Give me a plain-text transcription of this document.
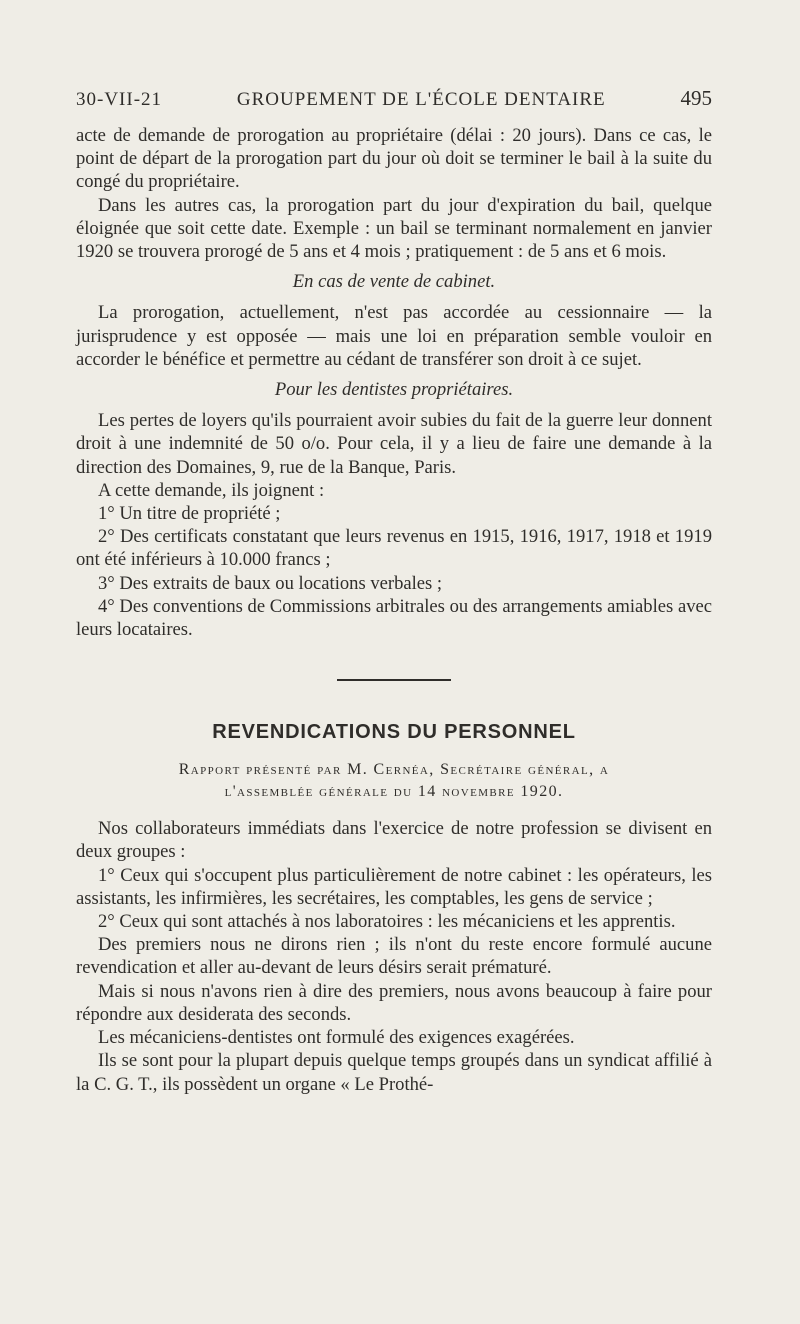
30-VII-21	GROUPEMENT DE L'ÉCOLE DENTAIRE	495

acte de demande de prorogation au propriétaire (délai : 20 jours). Dans ce cas, le point de départ de la prorogation part du jour où doit se terminer le bail à la suite du congé du propriétaire.

Dans les autres cas, la prorogation part du jour d'expiration du bail, quelque éloignée que soit cette date. Exemple : un bail se terminant normalement en janvier 1920 se trouvera prorogé de 5 ans et 4 mois ; pratiquement : de 5 ans et 6 mois.

En cas de vente de cabinet.

La prorogation, actuellement, n'est pas accordée au cessionnaire — la jurisprudence y est opposée — mais une loi en préparation semble vouloir en accorder le bénéfice et permettre au cédant de transférer son droit à ce sujet.

Pour les dentistes propriétaires.

Les pertes de loyers qu'ils pourraient avoir subies du fait de la guerre leur donnent droit à une indemnité de 50 o/o. Pour cela, il y a lieu de faire une demande à la direction des Domaines, 9, rue de la Banque, Paris.

A cette demande, ils joignent :

1° Un titre de propriété ;

2° Des certificats constatant que leurs revenus en 1915, 1916, 1917, 1918 et 1919 ont été inférieurs à 10.000 francs ;

3° Des extraits de baux ou locations verbales ;

4° Des conventions de Commissions arbitrales ou des arrangements amiables avec leurs locataires.

REVENDICATIONS DU PERSONNEL

Rapport présenté par M. Cernéa, Secrétaire général, a

l'assemblée générale du 14 novembre 1920.

Nos collaborateurs immédiats dans l'exercice de notre profession se divisent en deux groupes :

1° Ceux qui s'occupent plus particulièrement de notre cabinet : les opérateurs, les assistants, les infirmières, les secrétaires, les comptables, les gens de service ;

2° Ceux qui sont attachés à nos laboratoires : les mécaniciens et les apprentis.

Des premiers nous ne dirons rien ; ils n'ont du reste encore formulé aucune revendication et aller au-devant de leurs désirs serait prématuré.

Mais si nous n'avons rien à dire des premiers, nous avons beaucoup à faire pour répondre aux desiderata des seconds.

Les mécaniciens-dentistes ont formulé des exigences exagérées.

Ils se sont pour la plupart depuis quelque temps groupés dans un syndicat affilié à la C. G. T., ils possèdent un organe « Le Prothé-
